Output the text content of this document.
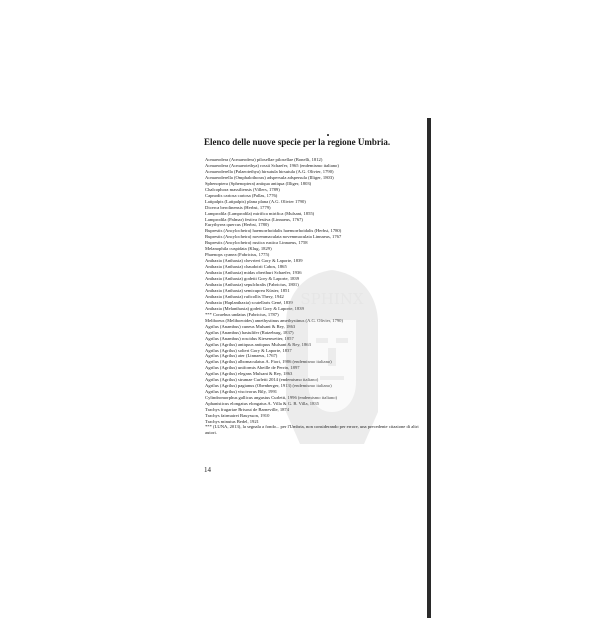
Elenco delle nuove specie per la regione Umbria.
Acmaeodera (Acmaeodera) pilosellae pilosellae (Bonelli, 1812)
Acmaeodera (Acmaeotethya) rossii Schaefer, 1965 (endemismo italiano)
Acmaeoderella (Palaeotethya) hirsutula hirsutula (A.G. Olivier, 1790)
Acmaeoderella (Omphalothorax) adspersula adspersula (Illiger, 1803)
Sphenoptera (Sphenoptera) antiqua antiqua (Illiger, 1803)
Chalcophora massiliensis (Villers, 1789)
Capnodis cariosa cariosa (Pallas, 1776)
Latipalpis (Latipalpis) plana plana (A.G. Olivier 1790)
Dicerca berolinensis (Herbst, 1779)
Lamprodila (Lamprodila) mirifica mirifica (Mulsant, 1855)
Lamprodila (Palmar) festiva festiva (Linnaeus, 1767)
Eurythyrea quercus (Herbst, 1780)
Buprestis (Ancylocheira) haemorrhoidalis haemorrhoidalis (Herbst, 1780)
Buprestis (Ancylocheira) novemmaculata novemmaculata Linnaeus, 1767
Buprestis (Ancylocheira) rustica rustica Linnaeus, 1758
Melanophila cuspidata (Klug, 1829)
Phaenops cyanea (Fabricius, 1775)
Anthaxia (Anthaxia) chevrieri Gory & Laporte, 1839
Anthaxia (Anthaxia) chaudoirii Cabos, 1865
Anthaxia (Anthaxia) midas oberthuri Schaefer, 1936
Anthaxia (Anthaxia) godetii Gory & Laporte, 1839
Anthaxia (Anthaxia) sepulchralis (Fabricius, 1801)
Anthaxia (Anthaxia) semicuprea Küster, 1851
Anthaxia (Anthaxia) ruficollis Thery, 1942
Anthaxia (Haplanthaxia) scutellaris Gené, 1839
Anthaxia (Melanthaxia) godeti Gory & Laporte, 1839
*** Coraebus undatus (Fabricius, 1787)
Meliboeus (Meliboeoides) amethystinus amethystinus (A.G. Olivier, 1790)
Agrilus (Anambus) cuneus Mulsant & Rey, 1863
Agrilus (Anambus) hastulifer (Ratzeburg, 1837)
Agrilus (Anambus) roscidus Kiesenwetter, 1857
Agrilus (Agrilus) antiquus antiquus Mulsant & Rey, 1863
Agrilus (Agrilus) solieri Gory & Laporte, 1837
Agrilus (Agrilus) ater (Linnaeus, 1767)
Agrilus (Agrilus) albomaculatus A. Fiori, 1986 (endemismo italiano)
Agrilus (Agrilus) uniformis Abeille de Perrin, 1897
Agrilus (Agrilus) elegans Mulsant & Rey, 1863
Agrilus (Agrilus) strumae Curletti 2014 (endemismo italiano)
Agrilus (Agrilus) pagianus (Obenberger, 1913) (endemismo italiano)
Agrilus (Agrilus) viscivorus Bily, 1991
Cylindromorphus gallicus angustus Curletti, 1996 (endemismo italiano)
Aphanisticus elongatus elongatus A. Villa & G. B. Villa, 1835
Trachys fragariae Brisout de Barneville, 1874
Trachys fairmairei Bauysson, 1910
Trachys minutus Bedel, 1921
SPHINX
*** (LUNA, 2013), la segnala a fondo... per l'Umbria, non considerando per errore, una precedente citazione di altri autori.
14
